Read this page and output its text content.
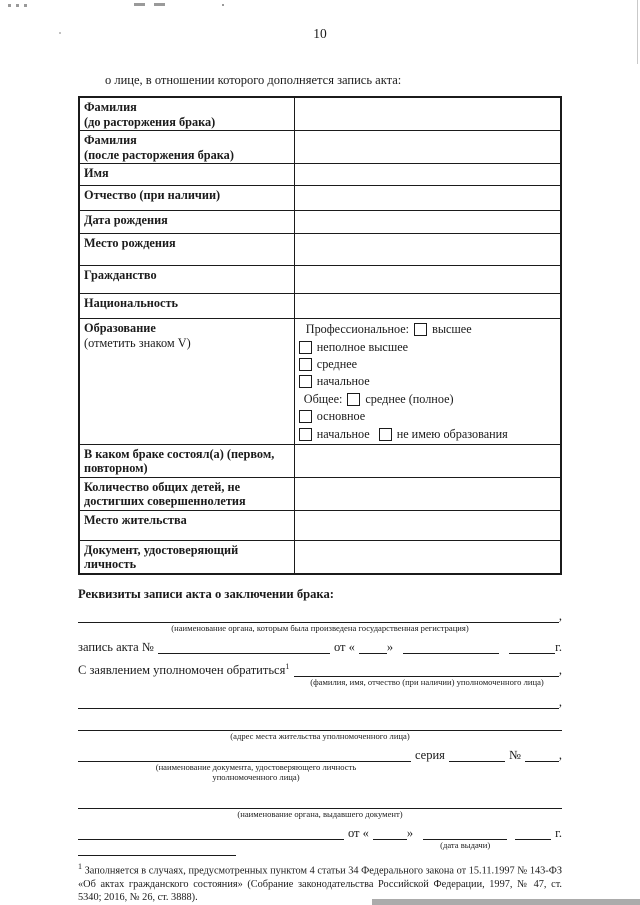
10
о лице, в отношении которого дополняется запись акта:
Фамилия
(до расторжения брака)	

Фамилия
(после расторжения брака)	

Имя	

Отчество (при наличии)	

Дата рождения	

Место рождения	

Гражданство	

Национальность	

Образование
(отметить знаком V)

Профессиональное: высшее
неполное высшее
среднее
начальное
Общее: среднее (полное)
основное
начальное не имею образования

В каком браке состоял(а) (первом,
повторном)	

Количество общих детей, не
достигших совершеннолетия	

Место жительства	

Документ, удостоверяющий
личность	

Реквизиты записи акта о заключении брака:
,
(наименование органа, которым была произведена государственная регистрация)
запись акта №	от «	»	г.
С заявлением уполномочен обратиться$^1$	,
(фамилия, имя, отчество (при наличии) уполномоченного лица)
,
(адрес места жительства уполномоченного лица)
серия	№	,
(наименование документа, удостоверяющего личность
уполномоченного лица)
(наименование органа, выдавшего документ)
от «	»
(дата выдачи)
г.
$^1$ Заполняется в случаях, предусмотренных пунктом 4 статьи 34 Федерального закона от 15.11.1997 № 143-ФЗ «Об актах гражданского состояния» (Собрание законодательства Российской Федерации, 1997, № 47, ст. 5340; 2016, № 26, ст. 3888).
